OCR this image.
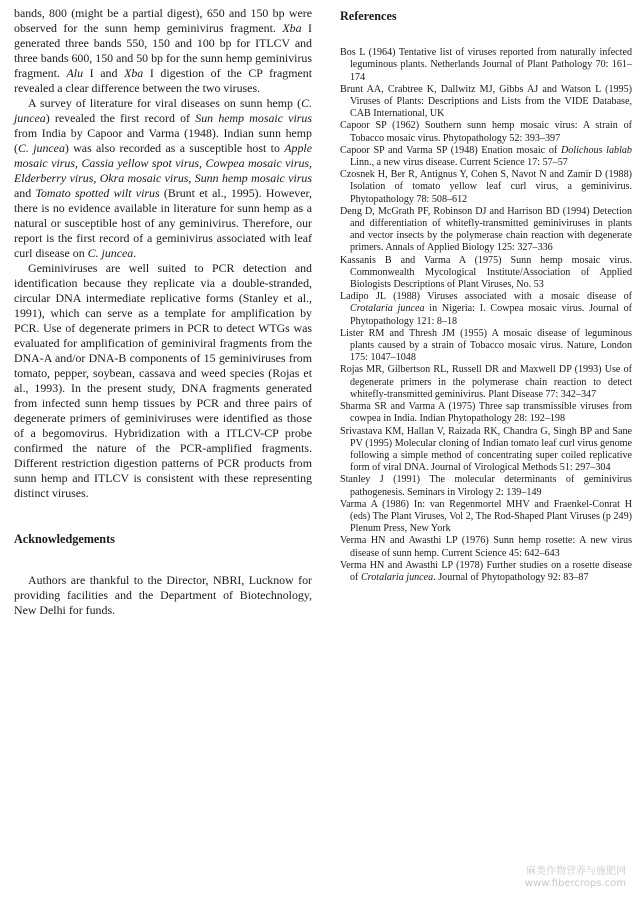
bands, 800 (might be a partial digest), 650 and 150 bp were observed for the sunn hemp geminivirus fragment. Xba I generated three bands 550, 150 and 100 bp for ITLCV and three bands 600, 150 and 50 bp for the sunn hemp geminivirus fragment. Alu I and Xba I digestion of the CP fragment revealed a clear difference between the two viruses.

A survey of literature for viral diseases on sunn hemp (C. juncea) revealed the first record of Sun hemp mosaic virus from India by Capoor and Varma (1948). Indian sunn hemp (C. juncea) was also recorded as a susceptible host to Apple mosaic virus, Cassia yellow spot virus, Cowpea mosaic virus, Elderberry virus, Okra mosaic virus, Sunn hemp mosaic virus and Tomato spotted wilt virus (Brunt et al., 1995). However, there is no evidence available in literature for sunn hemp as a natural or susceptible host of any geminivirus. Therefore, our report is the first record of a geminivirus associated with leaf curl disease on C. juncea.

Geminiviruses are well suited to PCR detection and identification because they replicate via a double-stranded, circular DNA intermediate replicative forms (Stanley et al., 1991), which can serve as a template for amplification by PCR. Use of degenerate primers in PCR to detect WTGs was evaluated for amplification of geminiviral fragments from the DNA-A and/or DNA-B components of 15 geminiviruses from tomato, pepper, soybean, cassava and weed species (Rojas et al., 1993). In the present study, DNA fragments generated from infected sunn hemp tissues by PCR and three pairs of degenerate primers of geminiviruses were identified as those of a begomovirus. Hybridization with a ITLCV-CP probe confirmed the nature of the PCR-amplified fragments. Different restriction digestion patterns of PCR products from sunn hemp and ITLCV is consistent with these representing distinct viruses.

Acknowledgements

Authors are thankful to the Director, NBRI, Lucknow for providing facilities and the Department of Biotechnology, New Delhi for funds.

References

Bos L (1964) Tentative list of viruses reported from naturally infected leguminous plants. Netherlands Journal of Plant Pathology 70: 161–174

Brunt AA, Crabtree K, Dallwitz MJ, Gibbs AJ and Watson L (1995) Viruses of Plants: Descriptions and Lists from the VIDE Database, CAB International, UK

Capoor SP (1962) Southern sunn hemp mosaic virus: A strain of Tobacco mosaic virus. Phytopathology 52: 393–397

Capoor SP and Varma SP (1948) Enation mosaic of Dolichous lablab Linn., a new virus disease. Current Science 17: 57–57

Czosnek H, Ber R, Antignus Y, Cohen S, Navot N and Zamir D (1988) Isolation of tomato yellow leaf curl virus, a geminivirus. Phytopathology 78: 508–612

Deng D, McGrath PF, Robinson DJ and Harrison BD (1994) Detection and differentiation of whitefly-transmitted geminiviruses in plants and vector insects by the polymerase chain reaction with degenerate primers. Annals of Applied Biology 125: 327–336

Kassanis B and Varma A (1975) Sunn hemp mosaic virus. Commonwealth Mycological Institute/Association of Applied Biologists Descriptions of Plant Viruses, No. 53

Ladipo JL (1988) Viruses associated with a mosaic disease of Crotalaria juncea in Nigeria: I. Cowpea mosaic virus. Journal of Phytopathology 121: 8–18

Lister RM and Thresh JM (1955) A mosaic disease of leguminous plants caused by a strain of Tobacco mosaic virus. Nature, London 175: 1047–1048

Rojas MR, Gilbertson RL, Russell DR and Maxwell DP (1993) Use of degenerate primers in the polymerase chain reaction to detect whitefly-transmitted geminivirus. Plant Disease 77: 342–347

Sharma SR and Varma A (1975) Three sap transmissible viruses from cowpea in India. Indian Phytopathology 28: 192–198

Srivastava KM, Hallan V, Raizada RK, Chandra G, Singh BP and Sane PV (1995) Molecular cloning of Indian tomato leaf curl virus genome following a simple method of concentrating super coiled replicative form of viral DNA. Journal of Virological Methods 51: 297–304

Stanley J (1991) The molecular determinants of geminivirus pathogenesis. Seminars in Virology 2: 139–149

Varma A (1986) In: van Regenmortel MHV and Fraenkel-Conrat H (eds) The Plant Viruses, Vol 2, The Rod-Shaped Plant Viruses (p 249) Plenum Press, New York

Verma HN and Awasthi LP (1976) Sunn hemp rosette: A new virus disease of sunn hemp. Current Science 45: 642–643

Verma HN and Awasthi LP (1978) Further studies on a rosette disease of Crotalaria juncea. Journal of Phytopathology 92: 83–87

麻类作物营养与施肥网
www.fibercrops.com
